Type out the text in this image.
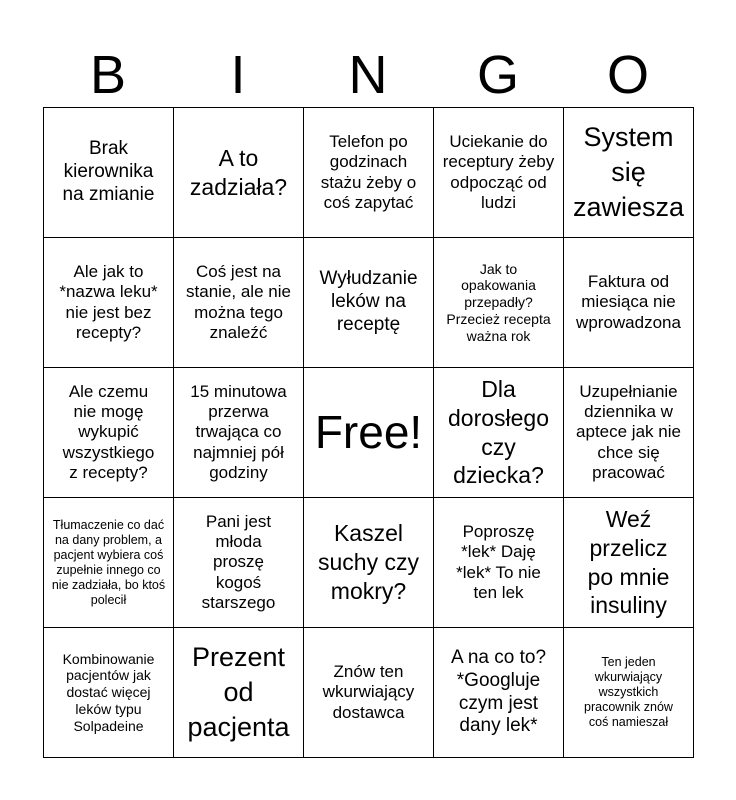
B	I	N	G	O
Brak kierownika na zmianie
A to zadziała?
Telefon po godzinach stażu żeby o coś zapytać
Uciekanie do receptury żeby odpocząć od ludzi
System się zawiesza
Ale jak to *nazwa leku* nie jest bez recepty?
Coś jest na stanie, ale nie można tego znaleźć
Wyłudzanie leków na receptę
Jak to opakowania przepadły? Przecież recepta ważna rok
Faktura od miesiąca nie wprowadzona
Ale czemu nie mogę wykupić wszystkiego z recepty?
15 minutowa przerwa trwająca co najmniej pół godziny
Free!
Dla dorosłego czy dziecka?
Uzupełnianie dziennika w aptece jak nie chce się pracować
Tłumaczenie co dać na dany problem, a pacjent wybiera coś zupełnie innego co nie zadziała, bo ktoś polecił
Pani jest młoda proszę kogoś starszego
Kaszel suchy czy mokry?
Poproszę *lek* Daję *lek* To nie ten lek
Weź przelicz po mnie insuliny
Kombinowanie pacjentów jak dostać więcej leków typu Solpadeine
Prezent od pacjenta
Znów ten wkurwiający dostawca
A na co to? *Googluje czym jest dany lek*
Ten jeden wkurwiający wszystkich pracownik znów coś namieszał
